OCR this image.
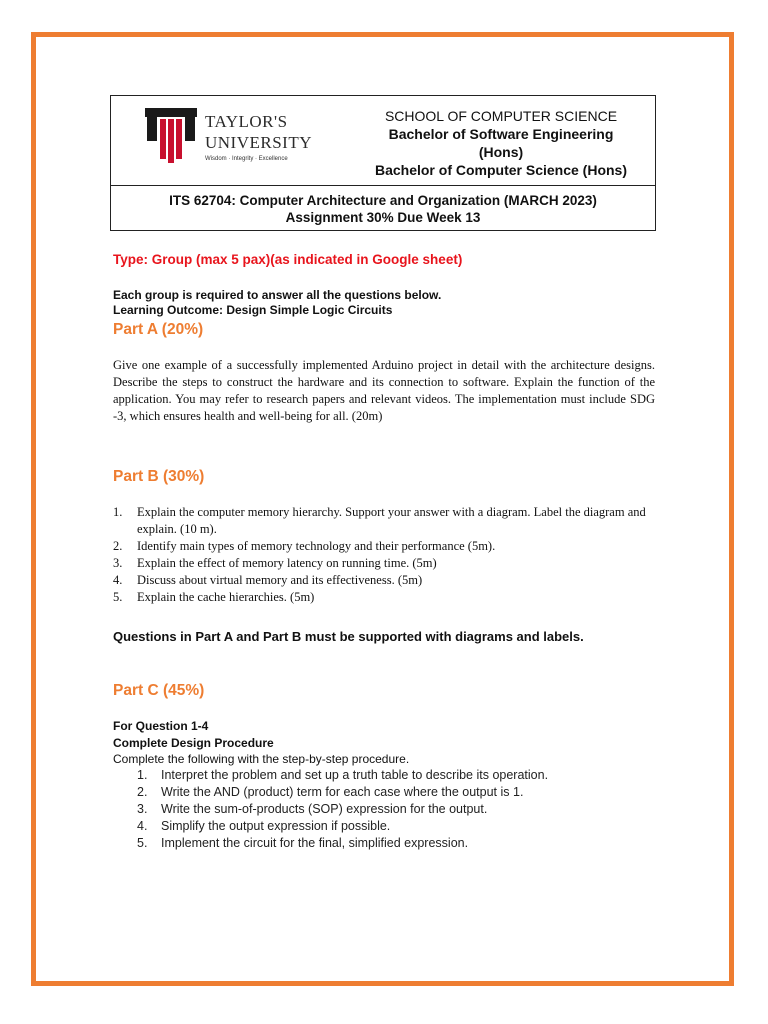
TAYLOR'S
UNIVERSITY
Wisdom · Integrity · Excellence
SCHOOL OF COMPUTER SCIENCE
Bachelor of Software Engineering
(Hons)
Bachelor of Computer Science (Hons)
ITS 62704: Computer Architecture and Organization (MARCH 2023)
Assignment 30% Due Week 13
Type: Group (max 5 pax)(as indicated in Google sheet)
Each group is required to answer all the questions below.
Learning Outcome: Design Simple Logic Circuits
Part A (20%)
Give one example of a successfully implemented Arduino project in detail with the architecture designs. Describe the steps to construct the hardware and its connection to software. Explain the function of the application. You may refer to research papers and relevant videos. The implementation must include SDG -3, which ensures health and well-being for all. (20m)
Part B (30%)
1. Explain the computer memory hierarchy. Support your answer with a diagram. Label the diagram and explain. (10 m).
2. Identify main types of memory technology and their performance (5m).
3. Explain the effect of memory latency on running time. (5m)
4. Discuss about virtual memory and its effectiveness. (5m)
5. Explain the cache hierarchies. (5m)
Questions in Part A and Part B must be supported with diagrams and labels.
Part C (45%)
For Question 1-4
Complete Design Procedure
Complete the following with the step-by-step procedure.
1. Interpret the problem and set up a truth table to describe its operation.
2. Write the AND (product) term for each case where the output is 1.
3. Write the sum-of-products (SOP) expression for the output.
4. Simplify the output expression if possible.
5. Implement the circuit for the final, simplified expression.
